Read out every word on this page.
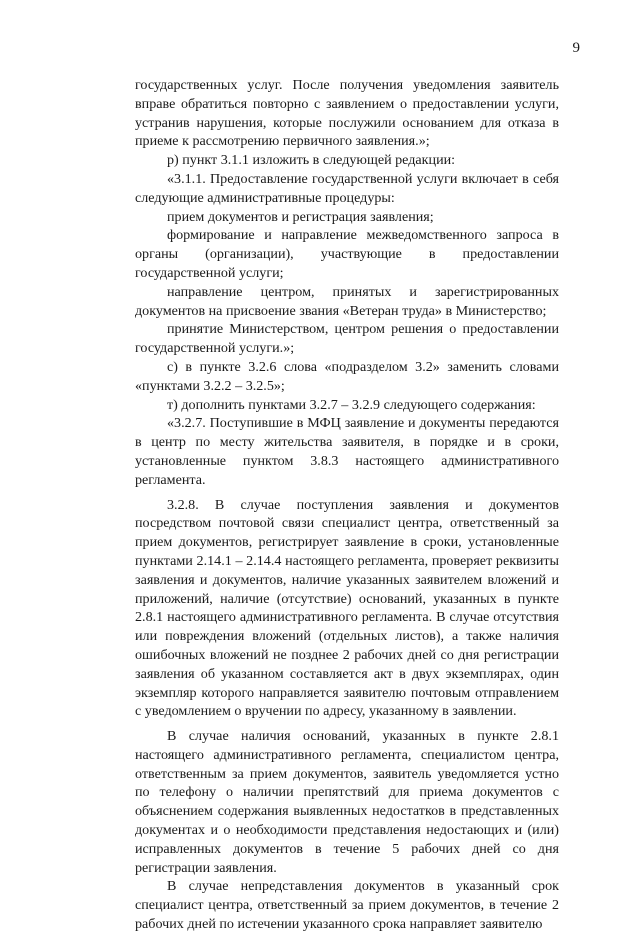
9

государственных услуг. После получения уведомления заявитель вправе обратиться повторно с заявлением о предоставлении услуги, устранив нарушения, которые послужили основанием для отказа в приеме к рассмотрению первичного заявления.»;

р) пункт 3.1.1 изложить в следующей редакции:

«3.1.1. Предоставление государственной услуги включает в себя следующие административные процедуры:

прием документов и регистрация заявления;

формирование и направление межведомственного запроса в органы (организации), участвующие в предоставлении государственной услуги;

направление центром, принятых и зарегистрированных документов на присвоение звания «Ветеран труда» в Министерство;

принятие Министерством, центром решения о предоставлении государственной услуги.»;

с) в пункте 3.2.6 слова «подразделом 3.2» заменить словами «пунктами 3.2.2 – 3.2.5»;

т) дополнить пунктами 3.2.7 – 3.2.9 следующего содержания:

«3.2.7. Поступившие в МФЦ заявление и документы передаются в центр по месту жительства заявителя, в порядке и в сроки, установленные пунктом 3.8.3 настоящего административного регламента.

3.2.8. В случае поступления заявления и документов посредством почтовой связи специалист центра, ответственный за прием документов, регистрирует заявление в сроки, установленные пунктами 2.14.1 – 2.14.4 настоящего регламента, проверяет реквизиты заявления и документов, наличие указанных заявителем вложений и приложений, наличие (отсутствие) оснований, указанных в пункте 2.8.1 настоящего административного регламента. В случае отсутствия или повреждения вложений (отдельных листов), а также наличия ошибочных вложений не позднее 2 рабочих дней со дня регистрации заявления об указанном составляется акт в двух экземплярах, один экземпляр которого направляется заявителю почтовым отправлением с уведомлением о вручении по адресу, указанному в заявлении.

В случае наличия оснований, указанных в пункте 2.8.1 настоящего административного регламента, специалистом центра, ответственным за прием документов, заявитель уведомляется устно по телефону о наличии препятствий для приема документов с объяснением содержания выявленных недостатков в представленных документах и о необходимости представления недостающих и (или) исправленных документов в течение 5 рабочих дней со дня регистрации заявления.

В случае непредставления документов в указанный срок специалист центра, ответственный за прием документов, в течение 2 рабочих дней по истечении указанного срока направляет заявителю
